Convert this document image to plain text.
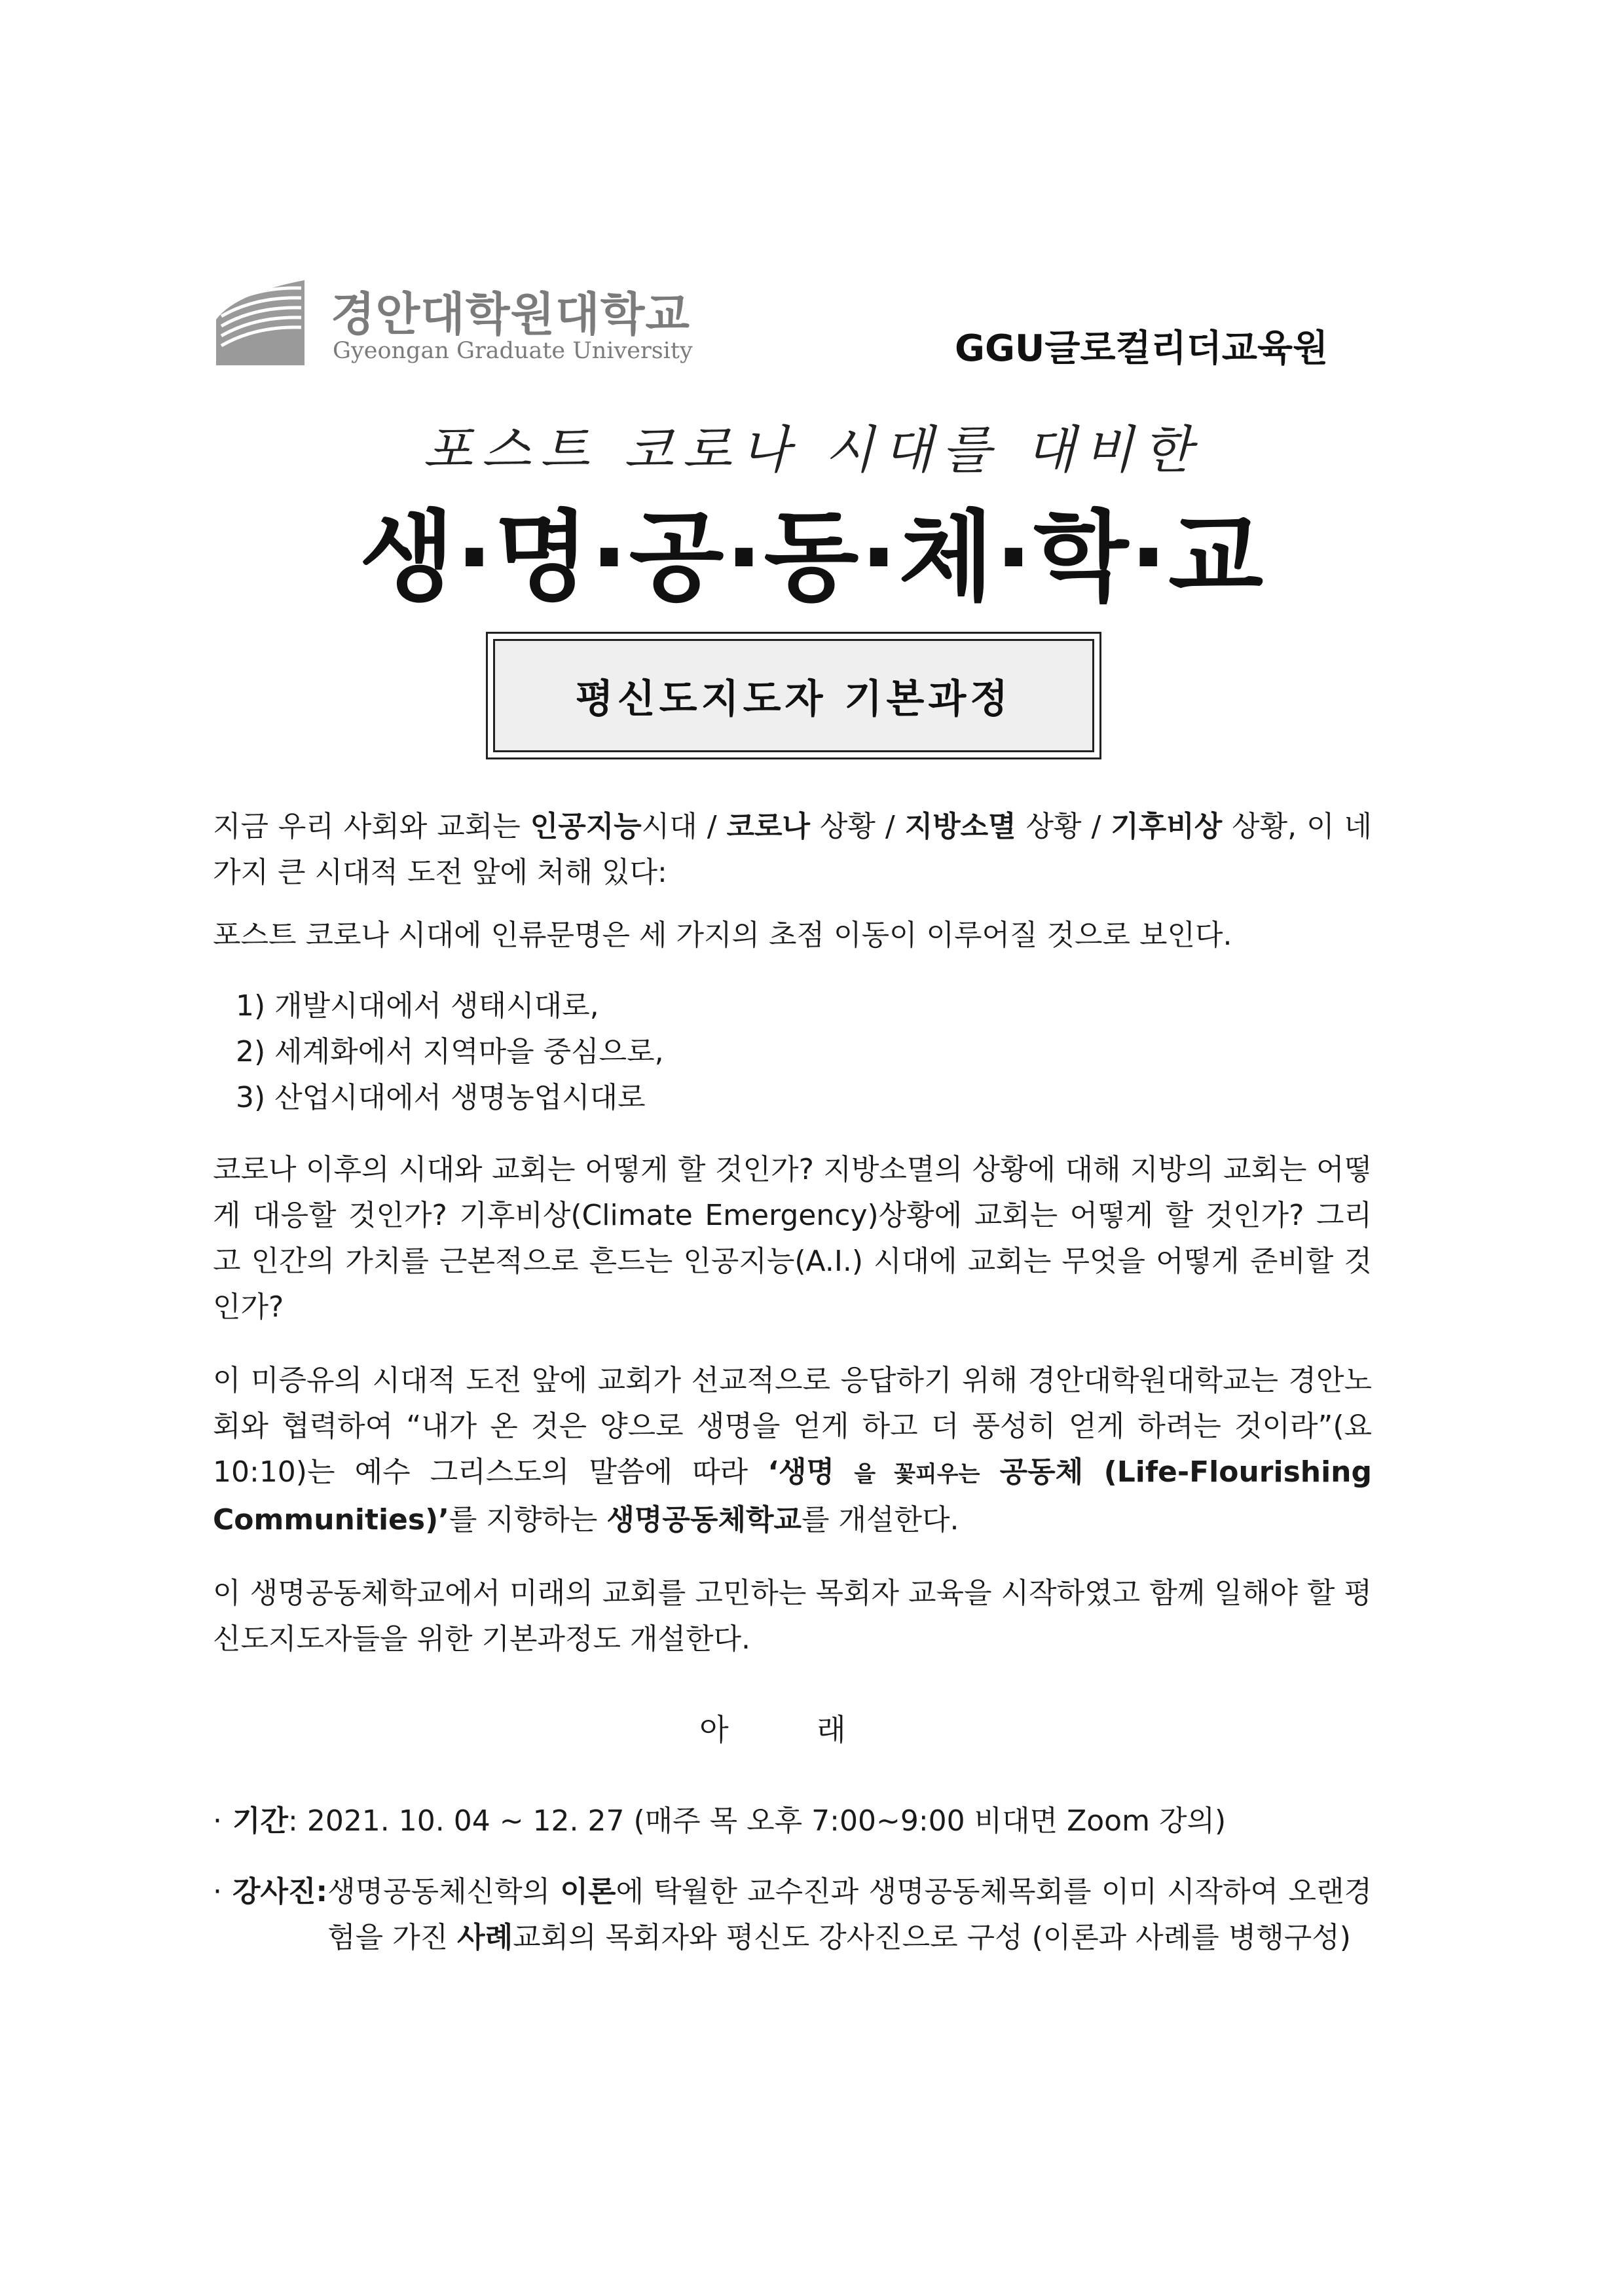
경안대학원대학교
Gyeongan Graduate University	GGU글로컬리더교육원
포스트 코로나 시대를 대비한
생·명·공·동·체·학·교
평신도지도자 기본과정

지금 우리 사회와 교회는 인공지능시대 / 코로나 상황 / 지방소멸 상황 / 기후비상 상황, 이 네 가지 큰 시대적 도전 앞에 처해 있다:

포스트 코로나 시대에 인류문명은 세 가지의 초점 이동이 이루어질 것으로 보인다.

1) 개발시대에서 생태시대로,
2) 세계화에서 지역마을 중심으로,
3) 산업시대에서 생명농업시대로

코로나 이후의 시대와 교회는 어떻게 할 것인가? 지방소멸의 상황에 대해 지방의 교회는 어떻게 대응할 것인가? 기후비상(Climate Emergency)상황에 교회는 어떻게 할 것인가? 그리고 인간의 가치를 근본적으로 흔드는 인공지능(A.I.) 시대에 교회는 무엇을 어떻게 준비할 것인가?

이 미증유의 시대적 도전 앞에 교회가 선교적으로 응답하기 위해 경안대학원대학교는 경안노회와 협력하여 “내가 온 것은 양으로 생명을 얻게 하고 더 풍성히 얻게 하려는 것이라”(요10:10)는 예수 그리스도의 말씀에 따라 ‘생명 을 꽃피우는 공동체 (Life-Flourishing Communities)’를 지향하는 생명공동체학교를 개설한다.

이 생명공동체학교에서 미래의 교회를 고민하는 목회자 교육을 시작하였고 함께 일해야 할 평신도지도자들을 위한 기본과정도 개설한다.

아 래

· 기간: 2021. 10. 04 ~ 12. 27 (매주 목 오후 7:00~9:00 비대면 Zoom 강의)
· 강사진: 생명공동체신학의 이론에 탁월한 교수진과 생명공동체목회를 이미 시작하여 오랜경험을 가진 사례교회의 목회자와 평신도 강사진으로 구성 (이론과 사례를 병행구성)
